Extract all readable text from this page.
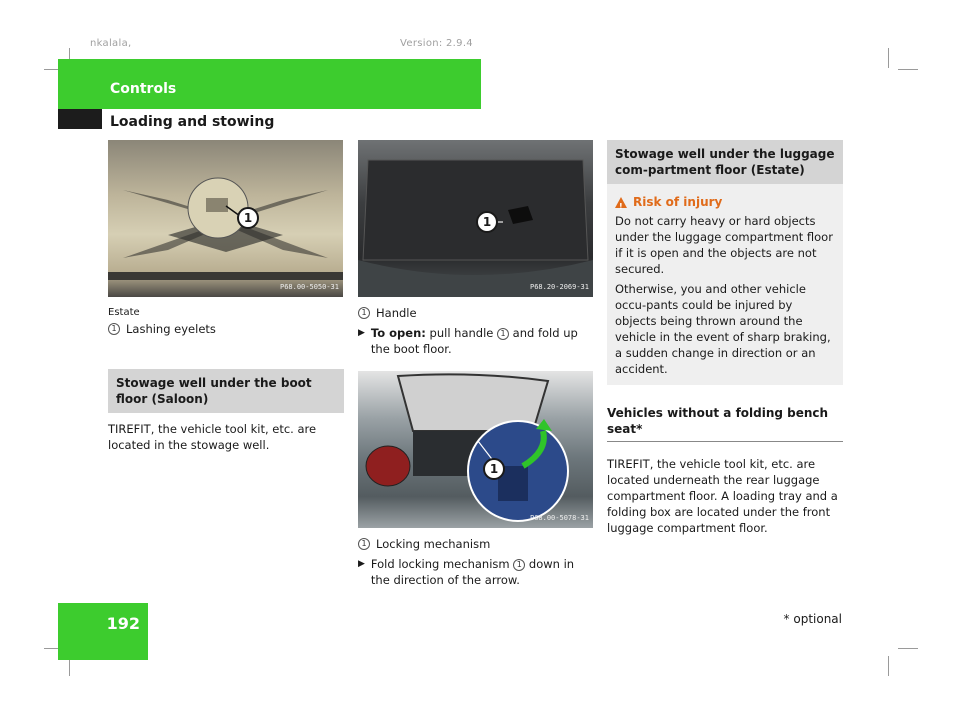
nkalala,	Version: 2.9.4
Controls
Loading and stowing
1
P68.00-5050-31
Estate
1 Lashing eyelets
Stowage well under the boot floor (Saloon)
TIREFIT, the vehicle tool kit, etc. are located in the stowage well.
1
P68.20-2069-31
1 Handle
▶ To open: pull handle 1 and fold up the boot floor.
1
P68.00-5078-31
1 Locking mechanism
▶ Fold locking mechanism 1 down in the direction of the arrow.
Stowage well under the luggage com-partment floor (Estate)
!
Risk of injury
Do not carry heavy or hard objects under the luggage compartment floor if it is open and the objects are not secured.
Otherwise, you and other vehicle occu-pants could be injured by objects being thrown around the vehicle in the event of sharp braking, a sudden change in direction or an accident.
Vehicles without a folding bench seat*
TIREFIT, the vehicle tool kit, etc. are located underneath the rear luggage compartment floor. A loading tray and a folding box are located under the front luggage compartment floor.
192	* optional
